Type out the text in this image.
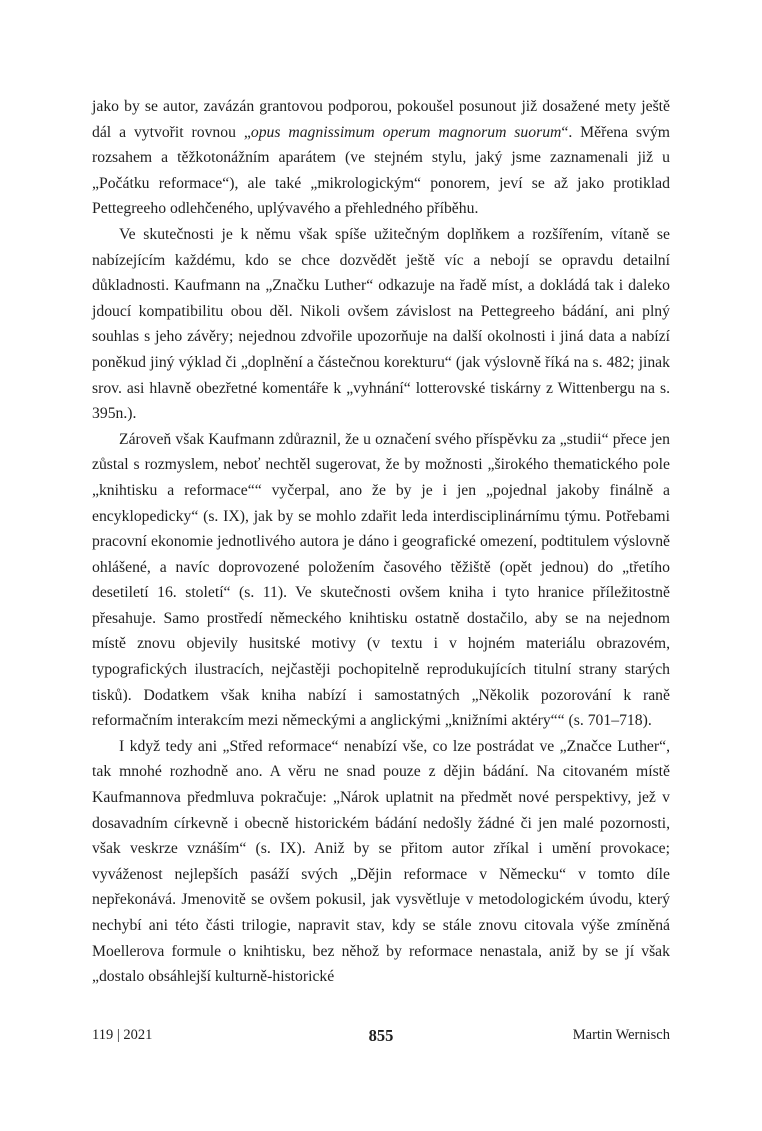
jako by se autor, zavázán grantovou podporou, pokoušel posunout již dosažené mety ještě dál a vytvořit rovnou „opus magnissimum operum magnorum suorum“. Měřena svým rozsahem a těžkotonážním aparátem (ve stejném stylu, jaký jsme zaznamenali již u „Počátku reformace“), ale také „mikrologickým“ ponorem, jeví se až jako protiklad Pettegreeho odlehčeného, uplývavého a přehledného příběhu.

Ve skutečnosti je k němu však spíše užitečným doplňkem a rozšířením, vítaně se nabízejícím každému, kdo se chce dozvědět ještě víc a nebojí se opravdu detailní důkladnosti. Kaufmann na „Značku Luther“ odkazuje na řadě míst, a dokládá tak i daleko jdoucí kompatibilitu obou děl. Nikoli ovšem závislost na Pettegreeho bádání, ani plný souhlas s jeho závěry; nejednou zdvořile upozorňuje na další okolnosti i jiná data a nabízí poněkud jiný výklad či „doplnění a částečnou korekturu“ (jak výslovně říká na s. 482; jinak srov. asi hlavně obezřetné komentáře k „vyhnání“ lotterovské tiskárny z Wittenbergu na s. 395n.).

Zároveň však Kaufmann zdůraznil, že u označení svého příspěvku za „studii“ přece jen zůstal s rozmyslem, neboť nechtěl sugerovat, že by možnosti „širokého thematického pole „knihtisku a reformace““ vyčerpal, ano že by je i jen „pojednal jakoby finálně a encyklopedicky“ (s. IX), jak by se mohlo zdařit leda interdisciplinárnímu týmu. Potřebami pracovní ekonomie jednotlivého autora je dáno i geografické omezení, podtitulem výslovně ohlášené, a navíc doprovozené položením časového těžiště (opět jednou) do „třetího desetiletí 16. století“ (s. 11). Ve skutečnosti ovšem kniha i tyto hranice příležitostně přesahuje. Samo prostředí německého knihtisku ostatně dostačilo, aby se na nejednom místě znovu objevily husitské motivy (v textu i v hojném materiálu obrazovém, typografických ilustracích, nejčastěji pochopitelně reprodukujících titulní strany starých tisků). Dodatkem však kniha nabízí i samostatných „Několik pozorování k raně reformačním interakcím mezi německými a anglickými „knižními aktéry““ (s. 701–718).

I když tedy ani „Střed reformace“ nenabízí vše, co lze postrádat ve „Značce Luther“, tak mnohé rozhodně ano. A věru ne snad pouze z dějin bádání. Na citovaném místě Kaufmannova předmluva pokračuje: „Nárok uplatnit na předmět nové perspektivy, jež v dosavadním církevně i obecně historickém bádání nedošly žádné či jen malé pozornosti, však veskrze vznáším“ (s. IX). Aniž by se přitom autor zříkal i umění provokace; vyváženost nejlepších pasáží svých „Dějin reformace v Německu“ v tomto díle nepřekonává. Jmenovitě se ovšem pokusil, jak vysvětluje v metodologickém úvodu, který nechybí ani této části trilogie, napravit stav, kdy se stále znovu citovala výše zmíněná Moellerova formule o knihtisku, bez něhož by reformace nenastala, aniž by se jí však „dostalo obsáhlejší kulturně-historické

119 | 2021	855	Martin Wernisch
